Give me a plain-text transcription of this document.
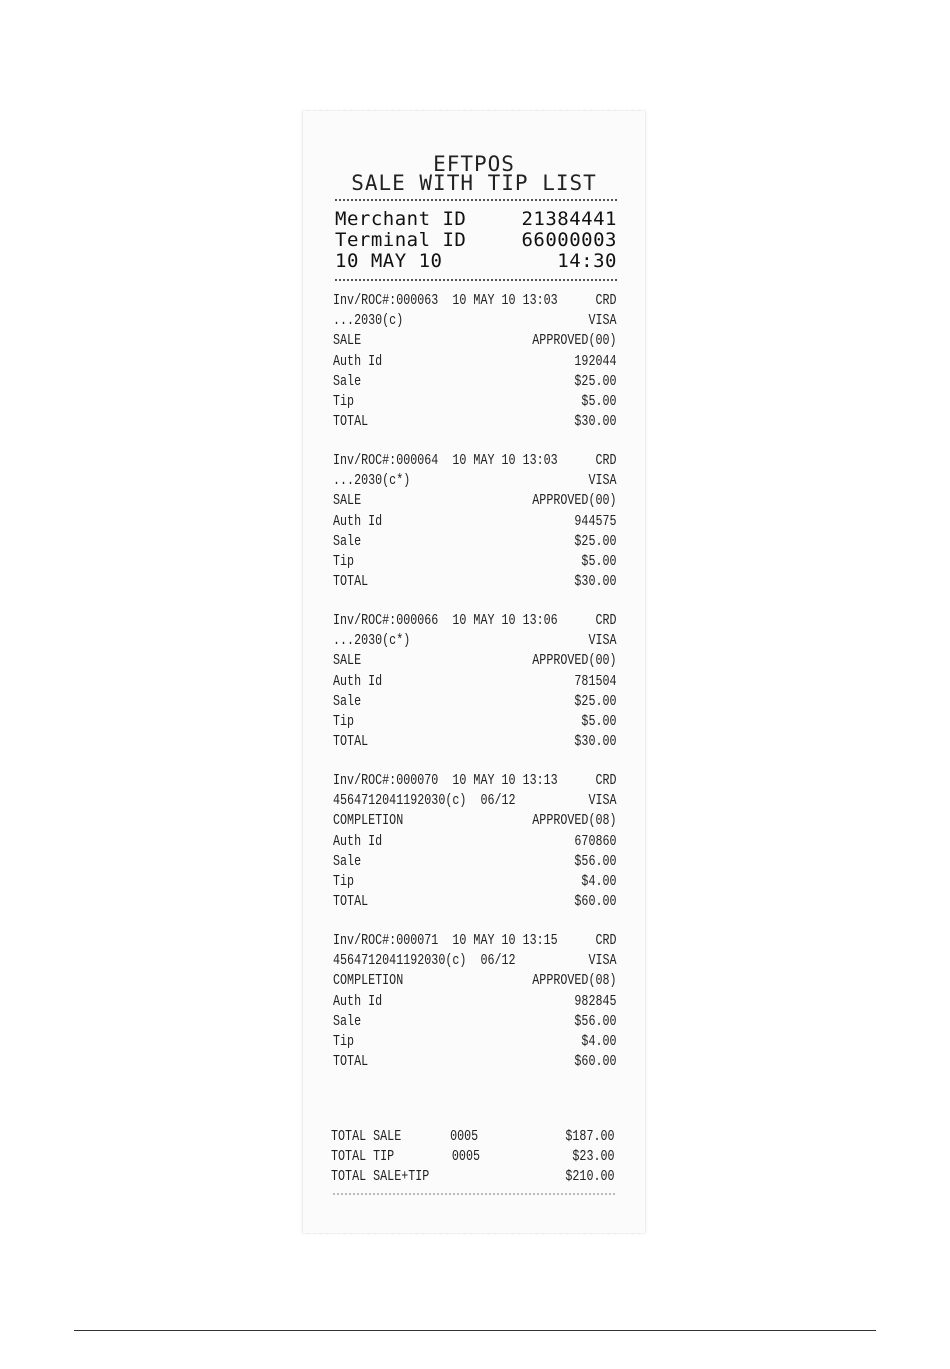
EFTPOS
SALE WITH TIP LIST
Merchant ID	21384441
Terminal ID	66000003
10 MAY 10	14:30
Inv/ROC#:000063 10 MAY 10 13:03	CRD
...2030(c)	VISA
SALE	APPROVED(00)
Auth Id	192044
Sale	$25.00
Tip	$5.00
TOTAL	$30.00
Inv/ROC#:000064 10 MAY 10 13:03	CRD
...2030(c*)	VISA
SALE	APPROVED(00)
Auth Id	944575
Sale	$25.00
Tip	$5.00
TOTAL	$30.00
Inv/ROC#:000066 10 MAY 10 13:06	CRD
...2030(c*)	VISA
SALE	APPROVED(00)
Auth Id	781504
Sale	$25.00
Tip	$5.00
TOTAL	$30.00
Inv/ROC#:000070 10 MAY 10 13:13	CRD
4564712041192030(c) 06/12	VISA
COMPLETION	APPROVED(08)
Auth Id	670860
Sale	$56.00
Tip	$4.00
TOTAL	$60.00
Inv/ROC#:000071 10 MAY 10 13:15	CRD
4564712041192030(c) 06/12	VISA
COMPLETION	APPROVED(08)
Auth Id	982845
Sale	$56.00
Tip	$4.00
TOTAL	$60.00
TOTAL SALE	0005	$187.00
TOTAL TIP	0005	$23.00
TOTAL SALE+TIP	$210.00
